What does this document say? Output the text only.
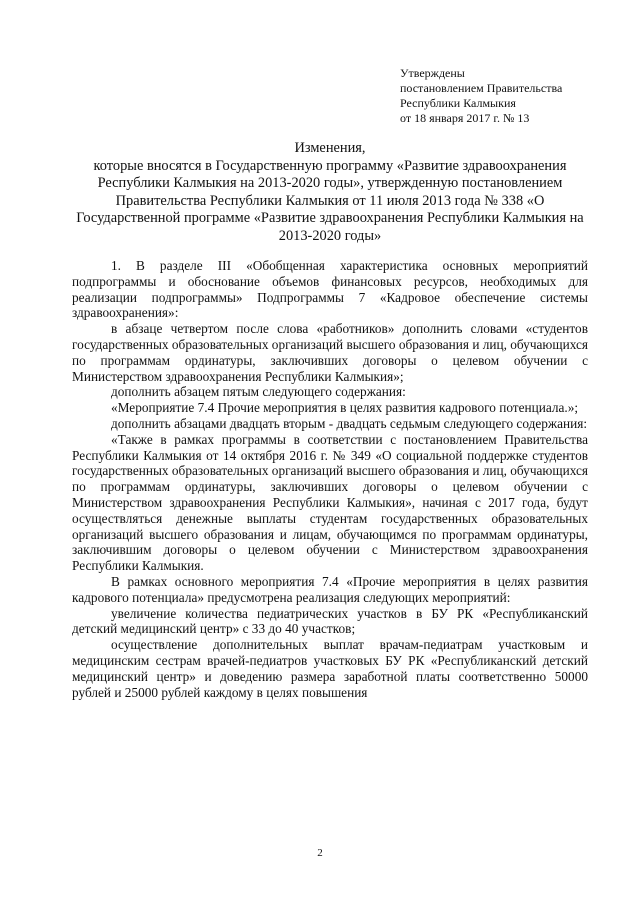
Утверждены
постановлением Правительства
Республики Калмыкия
от 18 января 2017 г. № 13
Изменения,
которые вносятся в Государственную программу «Развитие здравоохранения Республики Калмыкия на 2013-2020 годы», утвержденную постановлением Правительства Республики Калмыкия от 11 июля 2013 года № 338 «О Государственной программе «Развитие здравоохранения Республики Калмыкия на 2013-2020 годы»

1. В разделе III «Обобщенная характеристика основных мероприятий подпрограммы и обоснование объемов финансовых ресурсов, необходимых для реализации подпрограммы» Подпрограммы 7 «Кадровое обеспечение системы здравоохранения»:

в абзаце четвертом после слова «работников» дополнить словами «студентов государственных образовательных организаций высшего образования и лиц, обучающихся по программам ординатуры, заключивших договоры о целевом обучении с Министерством здравоохранения Республики Калмыкия»;

дополнить абзацем пятым следующего содержания:

«Мероприятие 7.4 Прочие мероприятия в целях развития кадрового потенциала.»;

дополнить абзацами двадцать вторым - двадцать седьмым следующего содержания:

«Также в рамках программы в соответствии с постановлением Правительства Республики Калмыкия от 14 октября 2016 г. № 349 «О социальной поддержке студентов государственных образовательных организаций высшего образования и лиц, обучающихся по программам ординатуры, заключивших договоры о целевом обучении с Министерством здравоохранения Республики Калмыкия», начиная с 2017 года, будут осуществляться денежные выплаты студентам государственных образовательных организаций высшего образования и лицам, обучающимся по программам ординатуры, заключившим договоры о целевом обучении с Министерством здравоохранения Республики Калмыкия.

В рамках основного мероприятия 7.4 «Прочие мероприятия в целях развития кадрового потенциала» предусмотрена реализация следующих мероприятий:

увеличение количества педиатрических участков в БУ РК «Республиканский детский медицинский центр» с 33 до 40 участков;

осуществление дополнительных выплат врачам-педиатрам участковым и медицинским сестрам врачей-педиатров участковых БУ РК «Республиканский детский медицинский центр» и доведению размера заработной платы соответственно 50000 рублей и 25000 рублей каждому в целях повышения

2
